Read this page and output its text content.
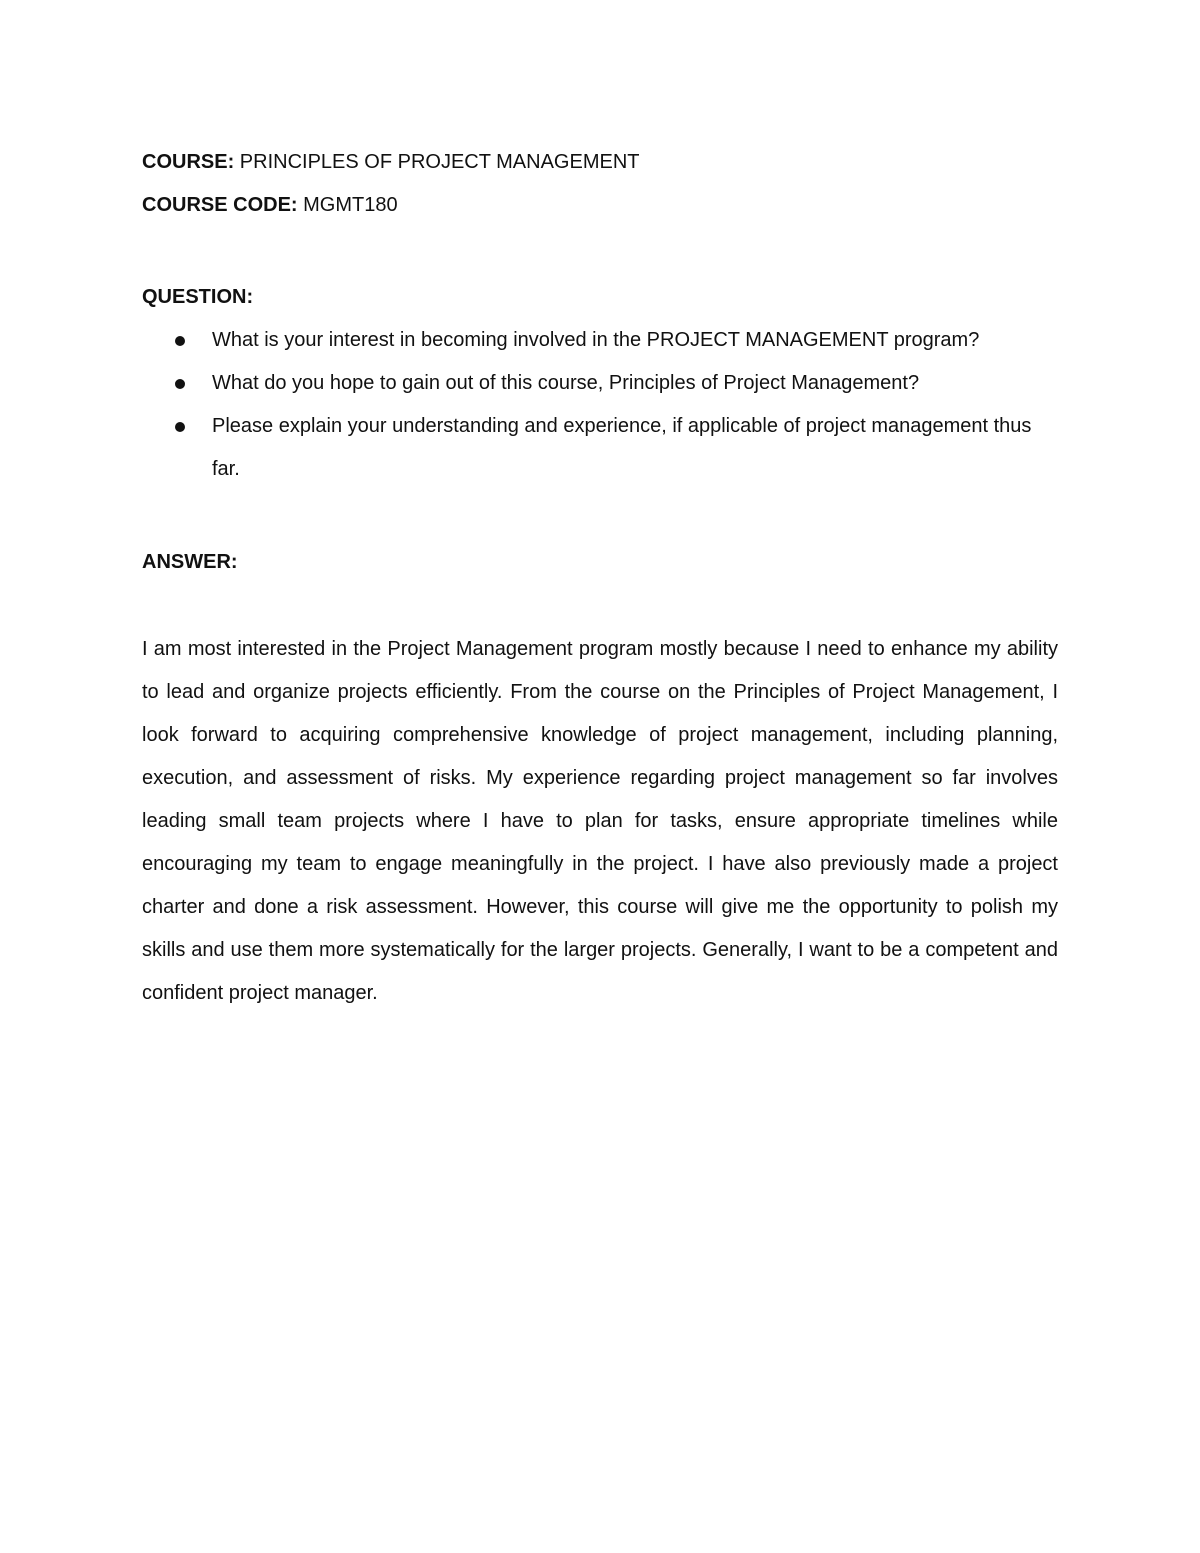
COURSE: PRINCIPLES OF PROJECT MANAGEMENT

COURSE CODE: MGMT180

QUESTION:

What is your interest in becoming involved in the PROJECT MANAGEMENT program?
What do you hope to gain out of this course, Principles of Project Management?
Please explain your understanding and experience, if applicable of project management thus far.

ANSWER:

I am most interested in the Project Management program mostly because I need to enhance my ability to lead and organize projects efficiently. From the course on the Principles of Project Management, I look forward to acquiring comprehensive knowledge of project management, including planning, execution, and assessment of risks. My experience regarding project management so far involves leading small team projects where I have to plan for tasks, ensure appropriate timelines while encouraging my team to engage meaningfully in the project. I have also previously made a project charter and done a risk assessment. However, this course will give me the opportunity to polish my skills and use them more systematically for the larger projects. Generally, I want to be a competent and confident project manager.
